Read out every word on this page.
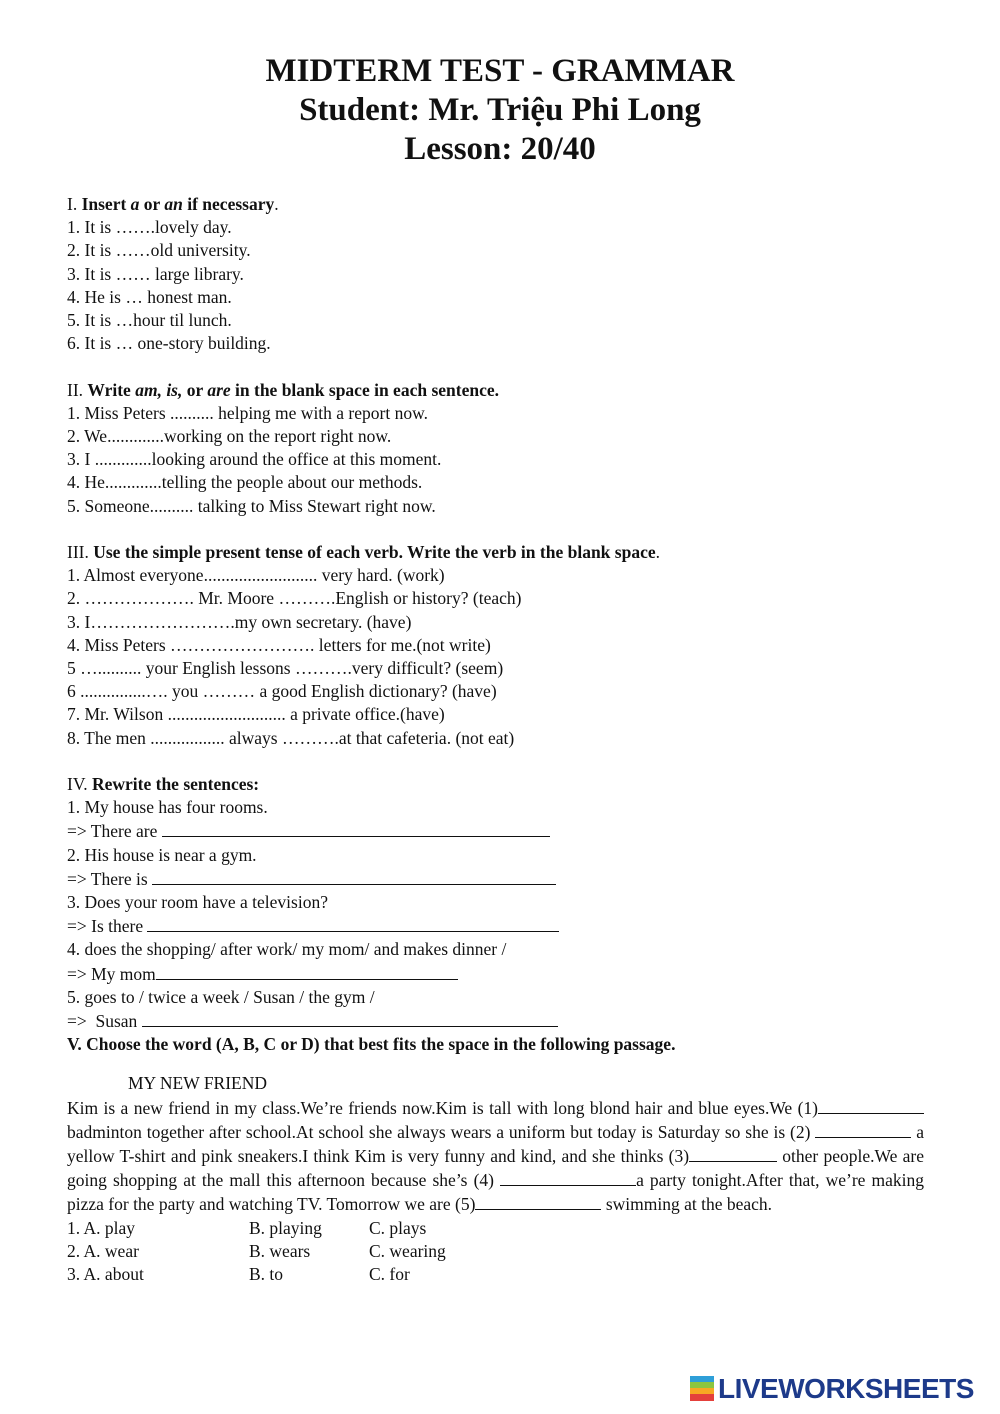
MIDTERM TEST - GRAMMAR
Student: Mr. Triệu Phi Long
Lesson: 20/40

I. Insert a or an if necessary.

1. It is …….lovely day.

2. It is ……old university.

3. It is …… large library.

4. He is … honest man.

5. It is …hour til lunch.

6. It is … one-story building.

II. Write am, is, or are in the blank space in each sentence.

1. Miss Peters .......... helping me with a report now.

2. We.............working on the report right now.

3. I .............looking around the office at this moment.

4. He.............telling the people about our methods.

5. Someone.......... talking to Miss Stewart right now.

III. Use the simple present tense of each verb. Write the verb in the blank space.

1. Almost everyone.......................... very hard. (work)

2. ………………. Mr. Moore ……….English or history? (teach)

3. I…………………….my own secretary. (have)

4. Miss Peters ……………………. letters for me.(not write)

5 ….......... your English lessons ……….very difficult? (seem)

6 ...............…. you ……… a good English dictionary? (have)

7. Mr. Wilson ........................... a private office.(have)

8. The men ................. always ……….at that cafeteria. (not eat)

IV. Rewrite the sentences:

1. My house has four rooms.

=> There are

2. His house is near a gym.

=> There is

3. Does your room have a television?

=> Is there

4. does the shopping/ after work/ my mom/ and makes dinner /

=> My mom

5. goes to / twice a week / Susan / the gym /

=>  Susan

V. Choose the word (A, B, C or D) that best fits the space in the following passage.

MY NEW FRIEND

Kim is a new friend in my class.We’re friends now.Kim is tall with long blond hair and blue eyes.We (1) badminton together after school.At school she always wears a uniform but today is Saturday so she is (2)	a yellow T-shirt and pink sneakers.I think Kim is very funny and kind, and she thinks (3)	other people.We are going shopping at the mall this afternoon because she’s (4)	a party tonight.After that, we’re making pizza for the party and watching TV. Tomorrow we are (5)	swimming at the beach.

1. A. play	B. playing	C. plays
2. A. wear	B. wears	C. wearing
3. A. about	B. to	C. for
LIVEWORKSHEETS
